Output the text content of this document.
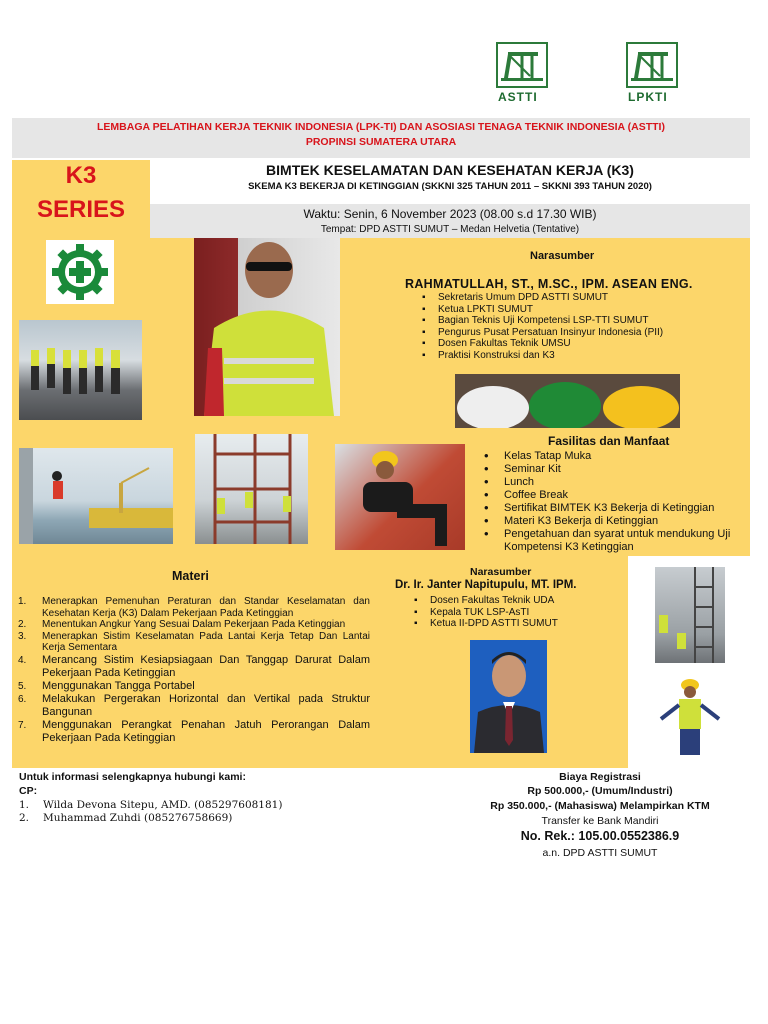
ASTTI	LPKTI
LEMBAGA PELATIHAN KERJA TEKNIK INDONESIA (LPK-TI) DAN ASOSIASI TENAGA TEKNIK INDONESIA (ASTTI)
PROPINSI SUMATERA UTARA
K3
SERIES
BIMTEK KESELAMATAN DAN KESEHATAN KERJA (K3)
SKEMA K3 BEKERJA DI KETINGGIAN (SKKNI 325 TAHUN 2011 – SKKNI 393 TAHUN 2020)
Waktu: Senin, 6 November 2023 (08.00 s.d 17.30 WIB)
Tempat: DPD ASTTI SUMUT – Medan Helvetia (Tentative)
Narasumber
RAHMATULLAH, ST., M.SC., IPM. ASEAN ENG.
▪ Sekretaris Umum DPD ASTTI SUMUT
▪ Ketua LPKTI SUMUT
▪ Bagian Teknis Uji Kompetensi LSP-TTI SUMUT
▪ Pengurus Pusat Persatuan Insinyur Indonesia (PII)
▪ Dosen Fakultas Teknik UMSU
▪ Praktisi Konstruksi dan K3
Fasilitas dan Manfaat
• Kelas Tatap Muka
• Seminar Kit
• Lunch
• Coffee Break
• Sertifikat BIMTEK K3 Bekerja di Ketinggian
• Materi K3 Bekerja di Ketinggian
• Pengetahuan dan syarat untuk mendukung Uji Kompetensi K3 Ketinggian
Materi
1. Menerapkan Pemenuhan Peraturan dan Standar Keselamatan dan Kesehatan Kerja (K3) Dalam Pekerjaan Pada Ketinggian
2. Menentukan Angkur Yang Sesuai Dalam Pekerjaan Pada Ketinggian
3. Menerapkan Sistim Keselamatan Pada Lantai Kerja Tetap Dan Lantai Kerja Sementara
4. Merancang Sistim Kesiapsiagaan Dan Tanggap Darurat Dalam Pekerjaan Pada Ketinggian
5. Menggunakan Tangga Portabel
6. Melakukan Pergerakan Horizontal dan Vertikal pada Struktur Bangunan
7. Menggunakan Perangkat Penahan Jatuh Perorangan Dalam Pekerjaan Pada Ketinggian
Narasumber
Dr. Ir. Janter Napitupulu, MT. IPM.
▪ Dosen Fakultas Teknik UDA
▪ Kepala TUK LSP-AsTI
▪ Ketua II-DPD ASTTI SUMUT
Untuk informasi selengkapnya hubungi kami:
CP:
1. Wilda Devona Sitepu, AMD. (085297608181)
2. Muhammad Zuhdi (085276758669)
Biaya Registrasi
Rp 500.000,- (Umum/Industri)
Rp 350.000,- (Mahasiswa) Melampirkan KTM
Transfer ke Bank Mandiri
No. Rek.: 105.00.0552386.9
a.n. DPD ASTTI SUMUT
